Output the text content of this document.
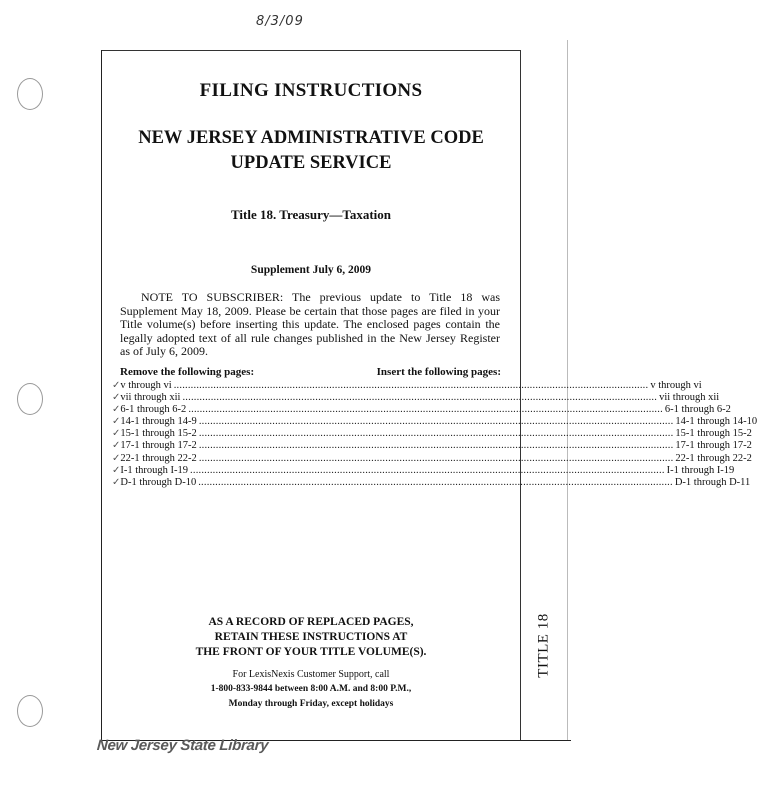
8/3/09
FILING INSTRUCTIONS
NEW JERSEY ADMINISTRATIVE CODE
UPDATE SERVICE
Title 18. Treasury—Taxation
Supplement July 6, 2009
NOTE TO SUBSCRIBER: The previous update to Title 18 was Supplement May 18, 2009. Please be certain that those pages are filed in your Title volume(s) before inserting this update. The enclosed pages contain the legally adopted text of all rule changes published in the New Jersey Register as of July 6, 2009.
Remove the following pages:	Insert the following pages:
✓ v through vi ........................................................................................................................................................................ v through vi
✓ vii through xii ........................................................................................................................................................................ vii through xii
✓ 6-1 through 6-2 ........................................................................................................................................................................ 6-1 through 6-2
✓ 14-1 through 14-9 ........................................................................................................................................................................ 14-1 through 14-10
✓ 15-1 through 15-2 ........................................................................................................................................................................ 15-1 through 15-2
✓ 17-1 through 17-2 ........................................................................................................................................................................ 17-1 through 17-2
✓ 22-1 through 22-2 ........................................................................................................................................................................ 22-1 through 22-2
✓ I-1 through I-19 ........................................................................................................................................................................ I-1 through I-19
✓ D-1 through D-10 ........................................................................................................................................................................ D-1 through D-11
AS A RECORD OF REPLACED PAGES,
RETAIN THESE INSTRUCTIONS AT
THE FRONT OF YOUR TITLE VOLUME(S).
For LexisNexis Customer Support, call
1-800-833-9844 between 8:00 A.M. and 8:00 P.M.,
Monday through Friday, except holidays
TITLE 18
New Jersey State Library
